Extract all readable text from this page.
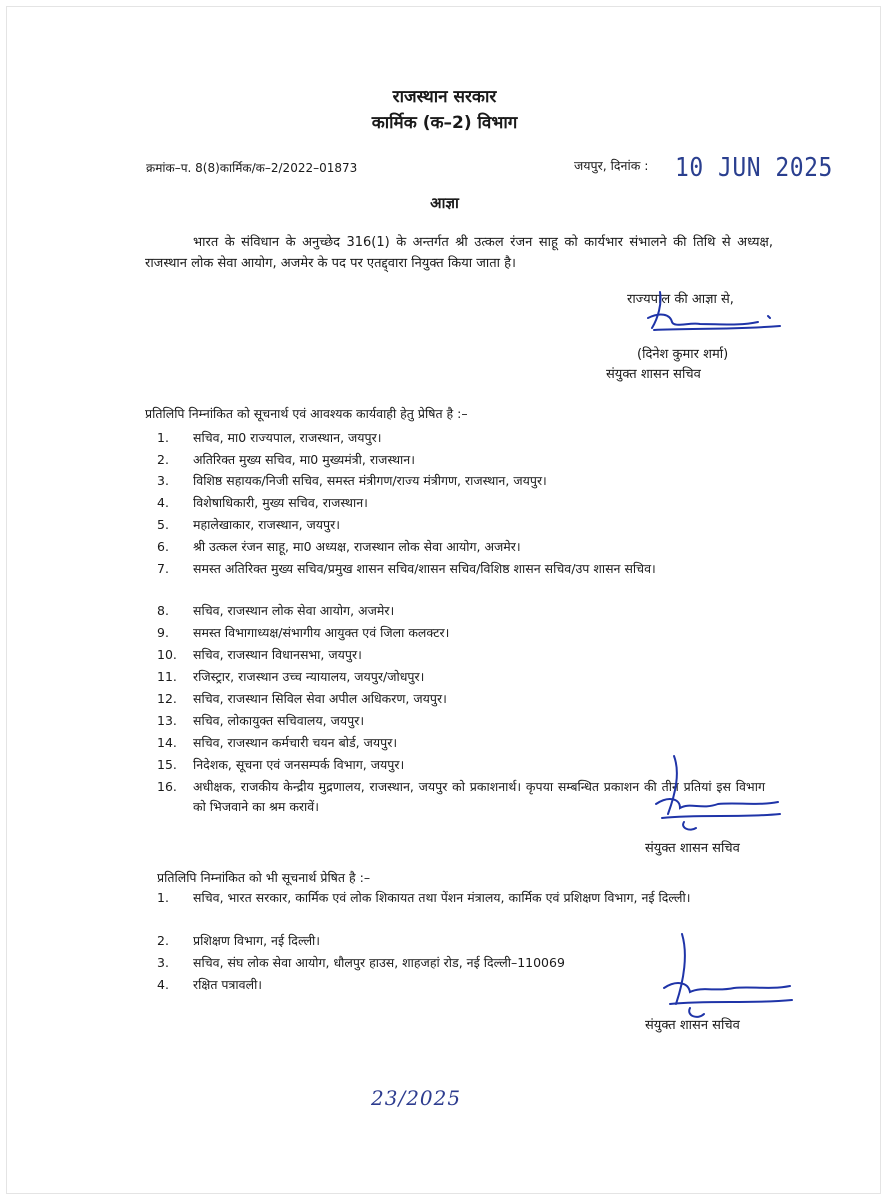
राजस्थान सरकार
कार्मिक (क–2) विभाग
क्रमांक–प. 8(8)कार्मिक/क–2/2022–01873	जयपुर, दिनांक : 10 JUN 2025
आज्ञा
भारत के संविधान के अनुच्छेद 316(1) के अन्तर्गत श्री उत्कल रंजन साहू को कार्यभार संभालने की तिथि से अध्यक्ष, राजस्थान लोक सेवा आयोग, अजमेर के पद पर एतद्द्वारा नियुक्त किया जाता है।
राज्यपाल की आज्ञा से,
(दिनेश कुमार शर्मा)
संयुक्त शासन सचिव
प्रतिलिपि निम्नांकित को सूचनार्थ एवं आवश्यक कार्यवाही हेतु प्रेषित है :–
1.	सचिव, मा0 राज्यपाल, राजस्थान, जयपुर।
2.	अतिरिक्त मुख्य सचिव, मा0 मुख्यमंत्री, राजस्थान।
3.	विशिष्ठ सहायक/निजी सचिव, समस्त मंत्रीगण/राज्य मंत्रीगण, राजस्थान, जयपुर।
4.	विशेषाधिकारी, मुख्य सचिव, राजस्थान।
5.	महालेखाकार, राजस्थान, जयपुर।
6.	श्री उत्कल रंजन साहू, मा0 अध्यक्ष, राजस्थान लोक सेवा आयोग, अजमेर।
7.	समस्त अतिरिक्त मुख्य सचिव/प्रमुख शासन सचिव/शासन सचिव/विशिष्ठ शासन सचिव/उप शासन सचिव।
8.	सचिव, राजस्थान लोक सेवा आयोग, अजमेर।
9.	समस्त विभागाध्यक्ष/संभागीय आयुक्त एवं जिला कलक्टर।
10.	सचिव, राजस्थान विधानसभा, जयपुर।
11.	रजिस्ट्रार, राजस्थान उच्च न्यायालय, जयपुर/जोधपुर।
12.	सचिव, राजस्थान सिविल सेवा अपील अधिकरण, जयपुर।
13.	सचिव, लोकायुक्त सचिवालय, जयपुर।
14.	सचिव, राजस्थान कर्मचारी चयन बोर्ड, जयपुर।
15.	निदेशक, सूचना एवं जनसम्पर्क विभाग, जयपुर।
16.	अधीक्षक, राजकीय केन्द्रीय मुद्रणालय, राजस्थान, जयपुर को प्रकाशनार्थ। कृपया सम्बन्धित प्रकाशन की तीन प्रतियां इस विभाग को भिजवाने का श्रम करावें।
संयुक्त शासन सचिव
प्रतिलिपि निम्नांकित को भी सूचनार्थ प्रेषित है :–
1.	सचिव, भारत सरकार, कार्मिक एवं लोक शिकायत तथा पेंशन मंत्रालय, कार्मिक एवं प्रशिक्षण विभाग, नई दिल्ली।
2.	प्रशिक्षण विभाग, नई दिल्ली।
3.	सचिव, संघ लोक सेवा आयोग, धौलपुर हाउस, शाहजहां रोड, नई दिल्ली–110069
4.	रक्षित पत्रावली।
संयुक्त शासन सचिव
23/2025
